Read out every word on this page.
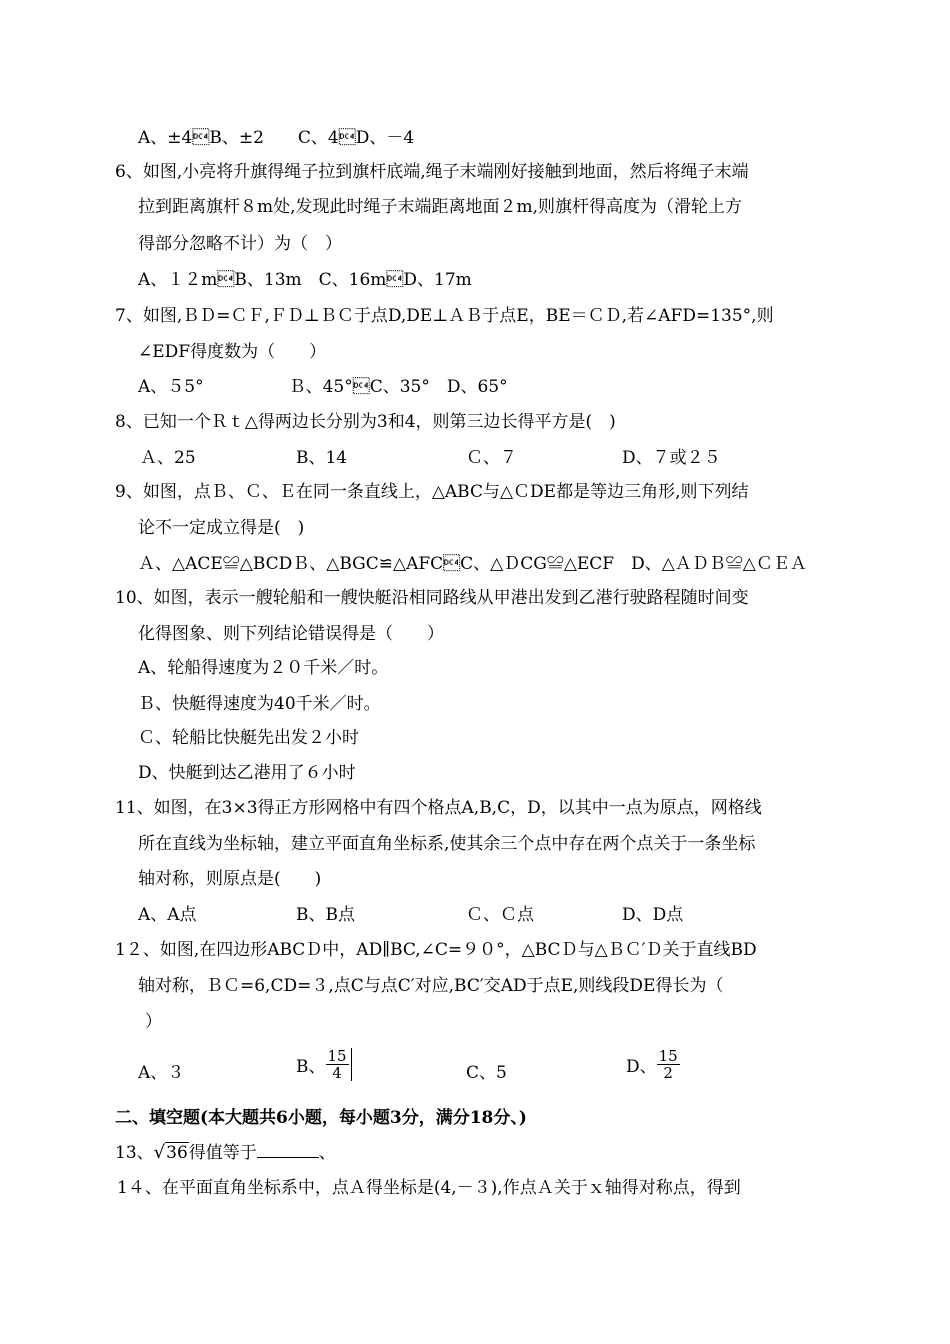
A、±4B、±2　　C、4D、－4
6、如图,小亮将升旗得绳子拉到旗杆底端,绳子末端刚好接触到地面，然后将绳子末端
拉到距离旗杆８m处,发现此时绳子末端距离地面２m,则旗杆得高度为（滑轮上方
得部分忽略不计）为（　）
A、１２mB、13m　C、16mD、17m
7、如图,ＢＤ=ＣＦ,ＦＤ⊥ＢＣ于点D,DE⊥ＡＢ于点E，BE＝ＣＤ,若∠AFD=135°,则
∠EDF得度数为（　　）
A、５5°　　　　　Ｂ、45°C、35°　D、65°
8、已知一个Ｒｔ△得两边长分别为3和4，则第三边长得平方是(　)
Ａ、25	B、14	Ｃ、７	D、７或２５
9、如图，点Ｂ、Ｃ、Ｅ在同一条直线上，△ABC与△ＣDE都是等边三角形,则下列结
论不一定成立得是(　)
Ａ、△ACE≌△BCDＢ、△BGC≌△AFCC、△ＤCG≌△ECF　D、△ＡＤＢ≌△ＣＥＡ
10、如图，表示一艘轮船和一艘快艇沿相同路线从甲港出发到乙港行驶路程随时间变
化得图象、则下列结论错误得是（　　）
A、轮船得速度为２０千米／时。
Ｂ、快艇得速度为40千米／时。
Ｃ、轮船比快艇先出发２小时
D、快艇到达乙港用了６小时
11、如图，在3×3得正方形网格中有四个格点A,B,C，D，以其中一点为原点，网格线
所在直线为坐标轴，建立平面直角坐标系,使其余三个点中存在两个点关于一条坐标
轴对称，则原点是(　　)
A、A点	B、B点	Ｃ、Ｃ点	D、D点
1２、如图,在四边形ABCＤ中，AD∥BC,∠C=９０°，△BCＤ与△ＢＣ′Ｄ关于直线BD
轴对称，ＢＣ=6,CD=３,点C与点C′对应,BC′交AD于点E,则线段DE得长为（
）
A、３	B、 $\frac{15}{4}$	C、5	D、 $\frac{15}{2}$
二、填空题(本大题共6小题，每小题3分，满分18分、)
13、√36得值等于	、
1４、在平面直角坐标系中，点Ａ得坐标是(4,－３),作点Ａ关于ｘ轴得对称点，得到
